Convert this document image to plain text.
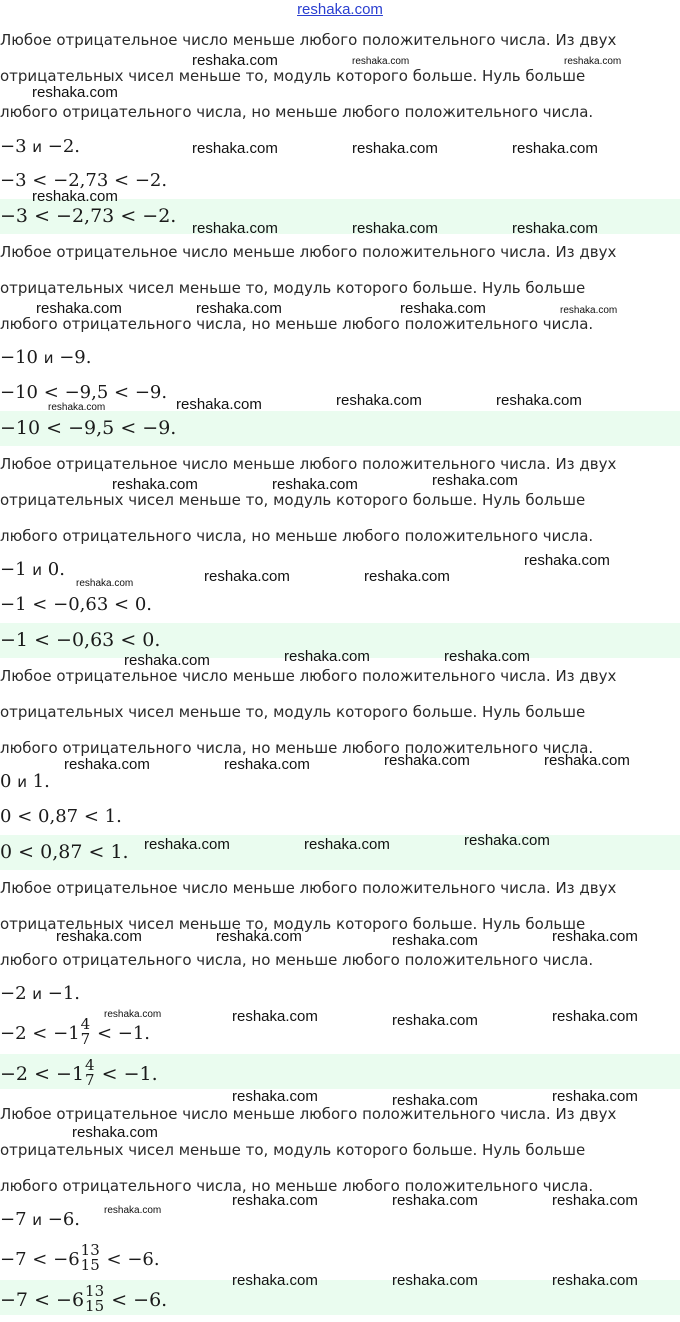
reshaka.com
Любое отрицательное число меньше любого положительного числа. Из двух
отрицательных чисел меньше то, модуль которого больше. Нуль больше
любого отрицательного числа, но меньше любого положительного числа.
−3 и −2.
−3 < −2,73 < −2.
−3 < −2,73 < −2.
Любое отрицательное число меньше любого положительного числа. Из двух
отрицательных чисел меньше то, модуль которого больше. Нуль больше
любого отрицательного числа, но меньше любого положительного числа.
−10 и −9.
−10 < −9,5 < −9.
−10 < −9,5 < −9.
Любое отрицательное число меньше любого положительного числа. Из двух
отрицательных чисел меньше то, модуль которого больше. Нуль больше
любого отрицательного числа, но меньше любого положительного числа.
−1 и 0.
−1 < −0,63 < 0.
−1 < −0,63 < 0.
Любое отрицательное число меньше любого положительного числа. Из двух
отрицательных чисел меньше то, модуль которого больше. Нуль больше
любого отрицательного числа, но меньше любого положительного числа.
0 и 1.
0 < 0,87 < 1.
0 < 0,87 < 1.
Любое отрицательное число меньше любого положительного числа. Из двух
отрицательных чисел меньше то, модуль которого больше. Нуль больше
любого отрицательного числа, но меньше любого положительного числа.
−2 и −1.
−2 < −1 4
7 < −1.
−2 < −1 4
7 < −1.
Любое отрицательное число меньше любого положительного числа. Из двух
отрицательных чисел меньше то, модуль которого больше. Нуль больше
любого отрицательного числа, но меньше любого положительного числа.
−7 и −6.
−7 < −6 13
15 < −6.
−7 < −6 13
15 < −6.
reshaka.com	reshaka.com	reshaka.com
reshaka.com
reshaka.com	reshaka.com	reshaka.com
reshaka.com
reshaka.com	reshaka.com	reshaka.com
reshaka.com	reshaka.com	reshaka.com	reshaka.com
reshaka.com	reshaka.com	reshaka.com
reshaka.com
reshaka.com	reshaka.com	reshaka.com
reshaka.com
reshaka.com	reshaka.com
reshaka.com
reshaka.com	reshaka.com	reshaka.com
reshaka.com	reshaka.com	reshaka.com	reshaka.com
reshaka.com	reshaka.com	reshaka.com
reshaka.com	reshaka.com	reshaka.com	reshaka.com
reshaka.com	reshaka.com	reshaka.com	reshaka.com
reshaka.com	reshaka.com	reshaka.com
reshaka.com
reshaka.com	reshaka.com	reshaka.com
reshaka.com
reshaka.com	reshaka.com	reshaka.com
